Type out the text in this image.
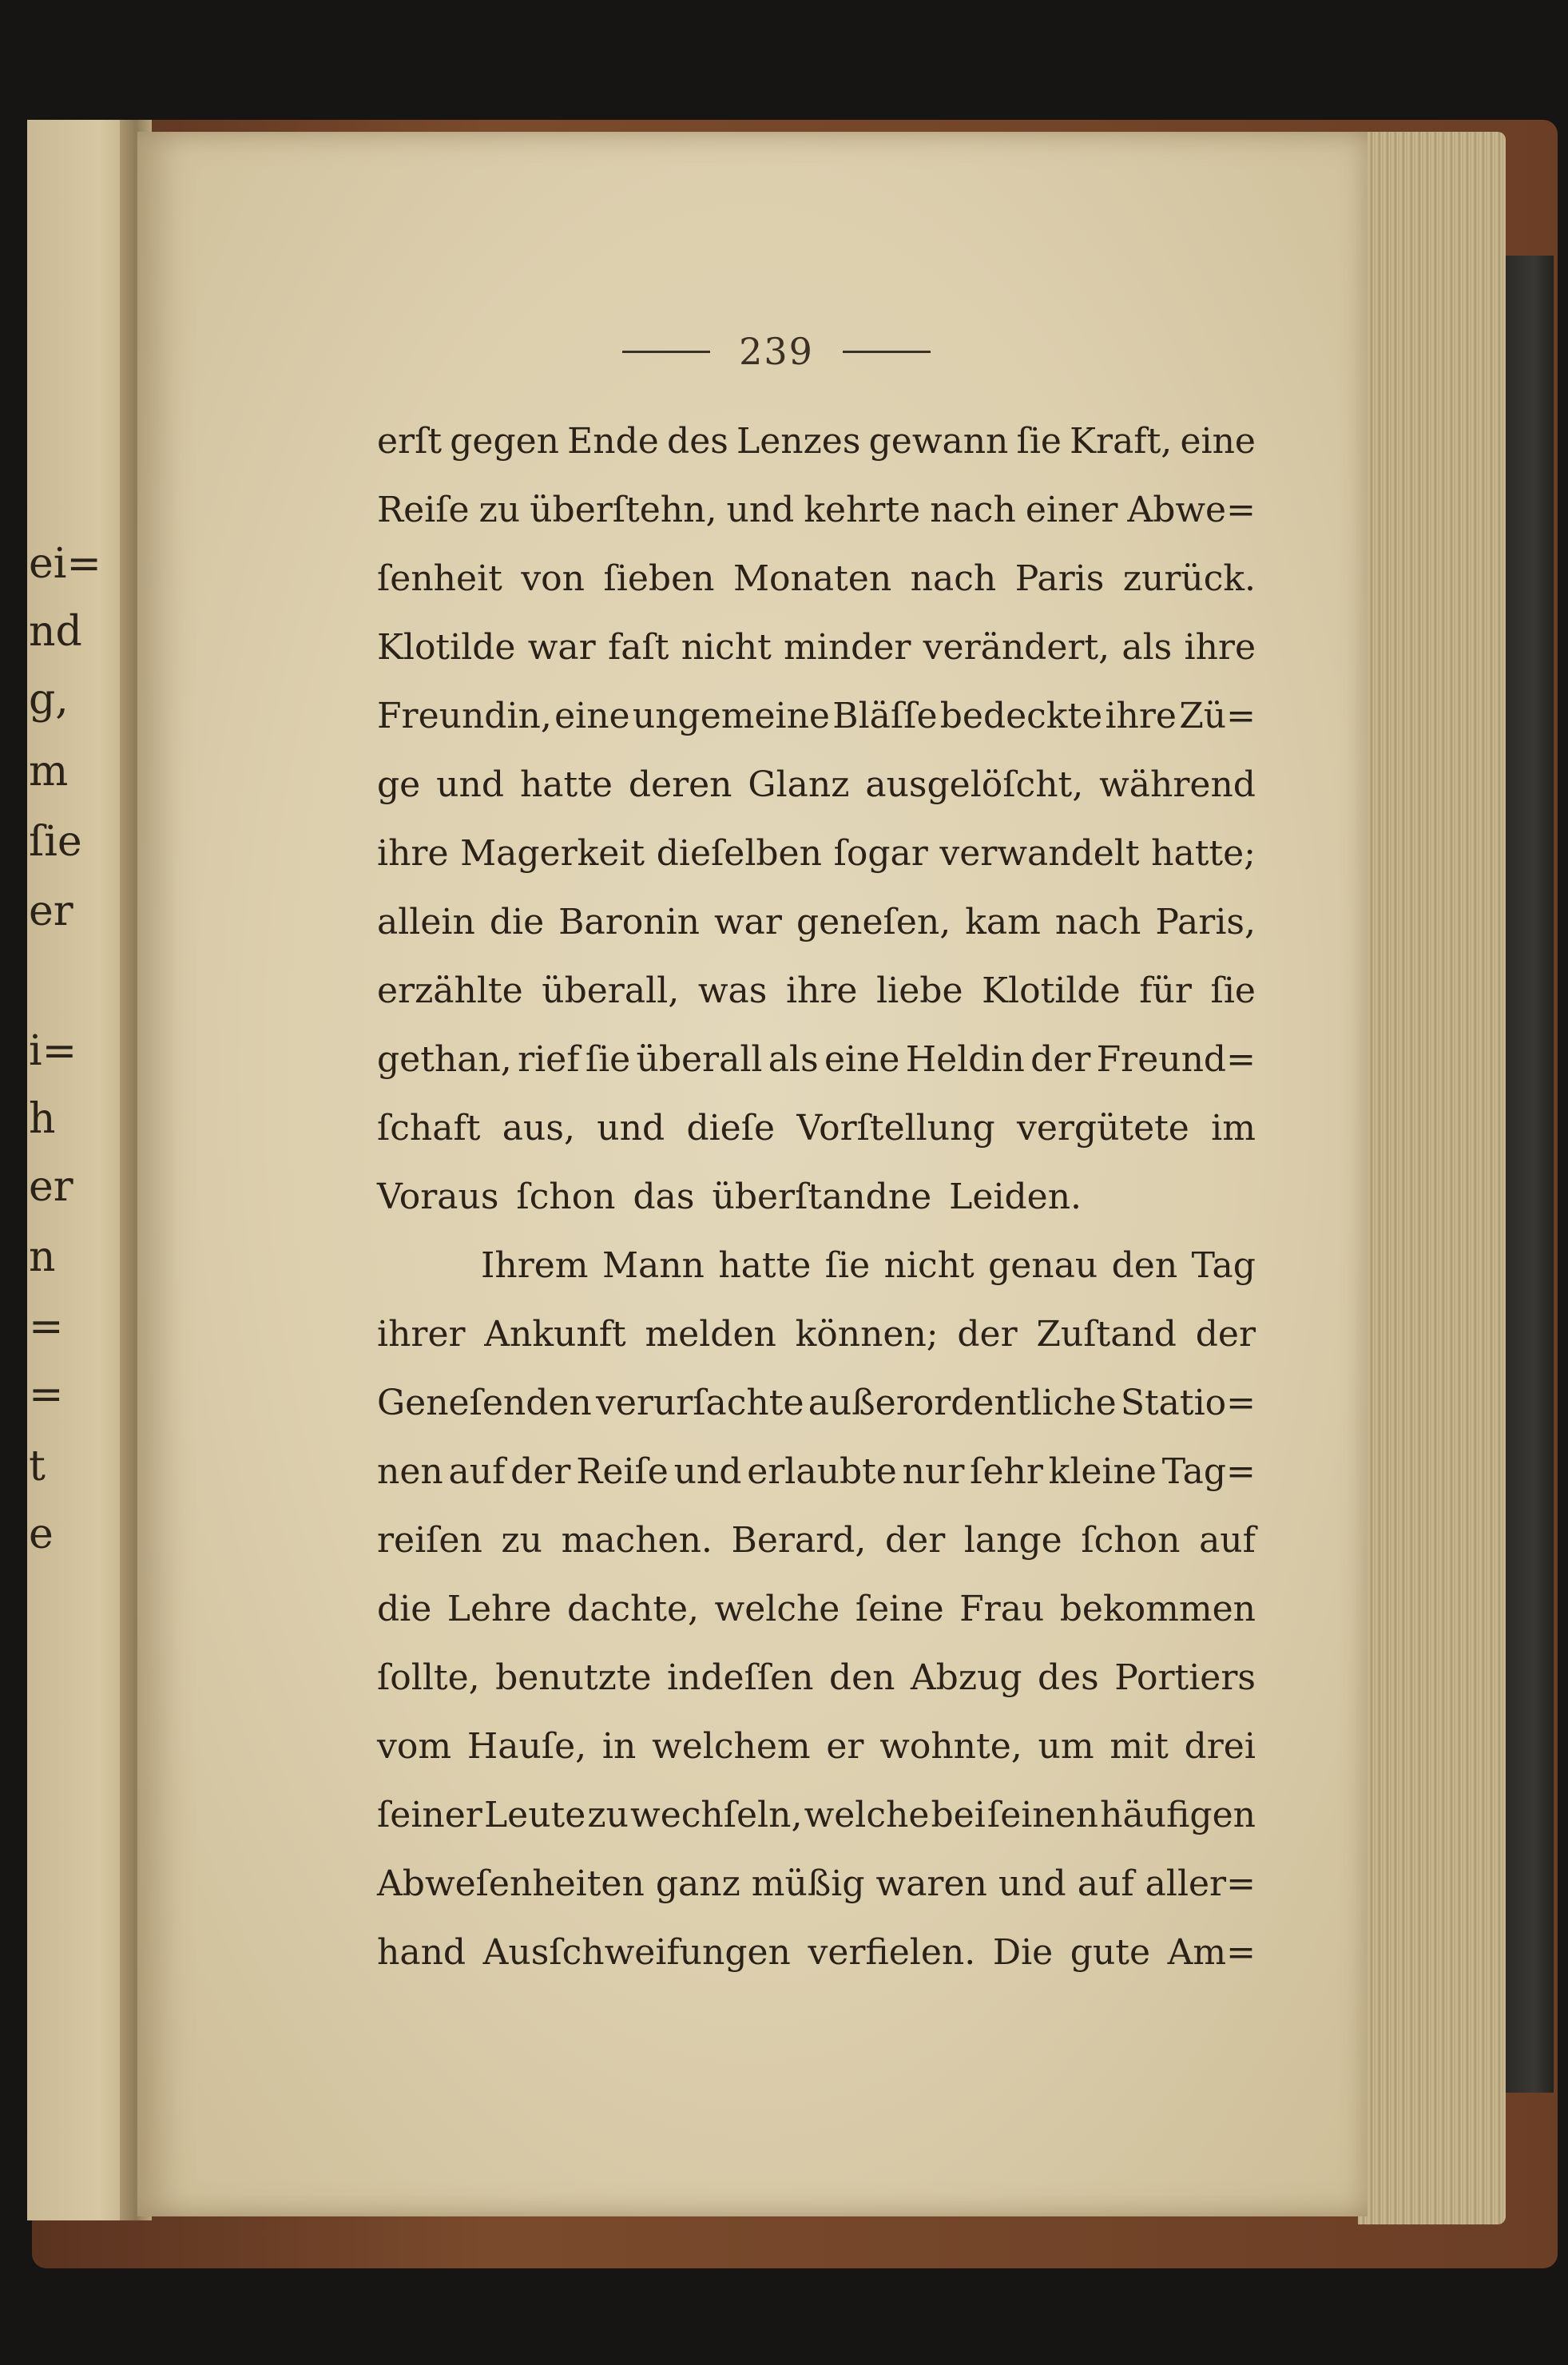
ei=
nd
g,
m
ſie
er
i=
h
er
n
=
=
t
e
239
erſt gegen Ende des Lenzes gewann ſie Kraft, eine
Reiſe zu überſtehn, und kehrte nach einer Abwe=
ſenheit von ſieben Monaten nach Paris zurück.
Klotilde war faſt nicht minder verändert, als ihre
Freundin, eine ungemeine Bläſſe bedeckte ihre Zü=
ge und hatte deren Glanz ausgelöſcht, während
ihre Magerkeit dieſelben ſogar verwandelt hatte;
allein die Baronin war geneſen, kam nach Paris,
erzählte überall, was ihre liebe Klotilde für ſie
gethan, rief ſie überall als eine Heldin der Freund=
ſchaft aus, und dieſe Vorſtellung vergütete im
Voraus ſchon das überſtandne Leiden.
Ihrem Mann hatte ſie nicht genau den Tag
ihrer Ankunft melden können; der Zuſtand der
Geneſenden verurſachte außerordentliche Statio=
nen auf der Reiſe und erlaubte nur ſehr kleine Tag=
reiſen zu machen. Berard, der lange ſchon auf
die Lehre dachte, welche ſeine Frau bekommen
ſollte, benutzte indeſſen den Abzug des Portiers
vom Hauſe, in welchem er wohnte, um mit drei
ſeiner Leute zu wechſeln, welche bei ſeinen häufigen
Abweſenheiten ganz müßig waren und auf aller=
hand Ausſchweifungen verfielen. Die gute Am=
